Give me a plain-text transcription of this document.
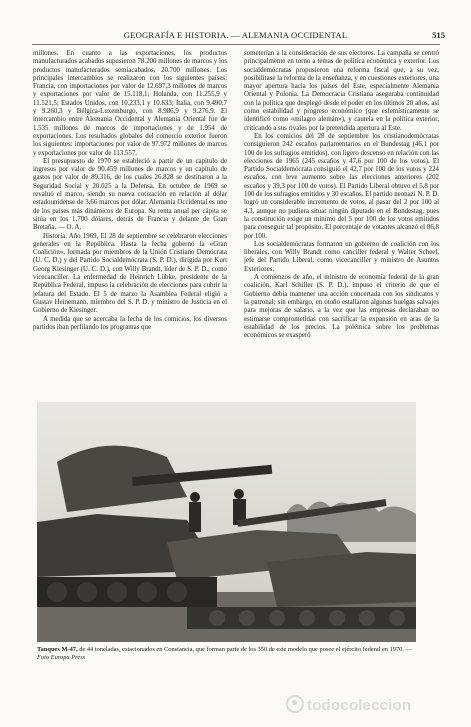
GEOGRAFÍA E HISTORIA. — ALEMANIA OCCIDENTAL	515

millones. En cuanto a las exportaciones, los productos manufacturados acabados supusieron 78.200 millones de marcos y los productos manufacturados semiacabados, 20.700 millones. Los principales intercambios se realizaron con los siguientes países: Francia, con importaciones por valor de 12.697,3 millones de marcos y exportaciones por valor de 15.118,1; Holanda, con 11.255,9 y 11.521,5; Estados Unidos, con 10.233,1 y 10.633; Italia, con 9.490,7 y 9.260,3 y Bélgica-Luxemburgo, con 8.986,9 y 9.276,9. El intercambio entre Alemania Occidental y Alemania Oriental fue de 1.535 millones de marcos de importaciones y de 1.954 de exportaciones. Los resultados globales del comercio exterior fueron los siguientes: importaciones por valor de 97.972 millones de marcos y exportaciones por valor de 113.557.

El presupuesto de 1970 se estableció a partir de un capítulo de ingresos por valor de 90.459 millones de marcos y un capítulo de gastos por valor de 89.316, de los cuales 26.828 se destinaron a la Seguridad Social y 20.025 a la Defensa. En octubre de 1969 se revaluó el marco, siendo su nueva cotización en relación al dólar estadounidense de 3,66 marcos por dólar. Alemania Occidental es uno de los países más dinámicos de Europa. Su renta anual per cápita se sitúa en los 1.700 dólares, detrás de Francia y delante de Gran Bretaña. — O. A.

Historia. Año 1969. El 28 de septiembre se celebraron elecciones generales en la República. Hasta la fecha gobernó la «Gran Coalición», formada por miembros de la Unión Cristiano Demócrata (U. C. D.) y del Partido Socialdemócrata (S. P. D.), dirigida por Kurt Georg Kiesinger (U. C. D.), con Willy Brandt, líder de S. P. D., como vicecanciller. La enfermedad de Heinrich Lübke, presidente de la República Federal, impuso la celebración de elecciones para cubrir la jefatura del Estado. El 5 de marzo la Asamblea Federal eligió a Gustav Heinemann, miembro del S. P. D. y ministro de Justicia en el Gobierno de Kiesinger.

A medida que se acercaba la fecha de los comicios, los diversos partidos iban perfilando los programas que

someterían a la consideración de sus electores. La campaña se centró principalmente en torno a temas de política económica y exterior. Los socialdemócratas propusieron una reforma fiscal que, a su vez, posibilitase la reforma de la enseñanza, y en cuestiones exteriores, una mayor apertura hacia los países del Este, especialmente Alemania Oriental y Polonia. La Democracia Cristiana aseguraba continuidad con la política que desplegó desde el poder en los últimos 20 años, así como estabilidad y progreso económico (que esfemísticamente se identificó como «milagro alemán»), y cautela en la política exterior, criticando a sus rivales por la pretendida apertura al Este.

En los comicios del 28 de septiembre los cristianodemócratas consiguieron 242 escaños parlamentarios en el Bundestag (46,1 por 100 de los sufragios emitidos), con ligero descenso en relación con las elecciones de 1965 (245 escaños y 47,6 por 100 de los votos). El Partido Socialdemócrata consiguió el 42,7 por 100 de los votos y 224 escaños, con leve aumento sobre las elecciones anteriores (202 escaños y 39,3 por 100 de votos). El Partido Liberal obtuvo el 5,8 por 100 de los sufragios emitidos y 30 escaños. El partido neonazi N. P. D. logró un considerable incremento de votos, al pasar del 2 por 100 al 4,3, aunque no pudiera situar ningún diputado en el Bundestag, pues la constitución exige un mínimo del 5 por 100 de los votos emitidos para conseguir tal propósito. El porcentaje de votantes alcanzó el 86,8 por 100.

Los socialdemócratas formaron un gobierno de coalición con los liberales, con Willy Brandt como canciller federal y Walter Scheel, jefe del Partido Liberal, como vicecanciller y ministro de Asuntos Exteriores.

A comienzos de año, el ministro de economía federal de la gran coalición, Karl Schiller (S. P. D.), impuso el criterio de que el Gobierno debía mantener una acción concertada con los sindicatos y la patronal; sin embargo, en otoño estallaron algunas huelgas salvajes para mejoras de salario, a la vez que las empresas declaraban no estimarse comprometidas con sacrificar la expansión en aras de la estabilidad de los precios. La polémica sobre los problemas económicos se exasperó

Tanques M-47, de 44 toneladas, estacionados en Constancia, que forman parte de los 350 de este modelo que posee el ejército federal en 1970. — Foto Europa Press
todocoleccion
